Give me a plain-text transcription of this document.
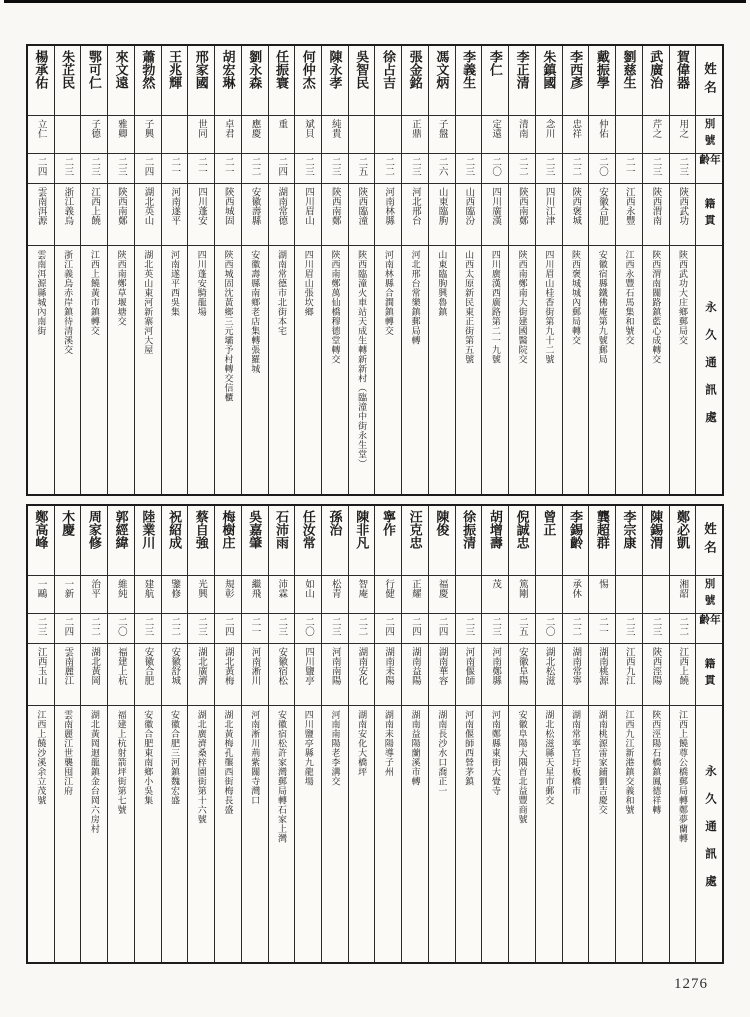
姓名
別號
年齡
籍貫
永久通訊處
賀偉器
用之
二三
陝西武功
陝西武功大庄鄉郵局交
武廣治
芹之
二三
陝西渭南
陝西渭南關路鎮藍心成轉交
劉慈生
二一
江西永豐
江西永豐石馬集和號交
戴振學
仲佑
二〇
安徽合肥
安徽宿縣鐵佛庵第九號郵局
李西彥
忠祥
二二
陝西褒城
陝西褒城城內郵局轉交
朱鎮國
念川
二三
四川江津
四川眉山桂香街第九十二號
李正清
清南
二二
陝西南鄭
陝西南鄭南大街建國醫院交
李仁
定遠
二〇
四川廣漢
四川廣漢西廣路第二一九號
李義生
二三
山西臨汾
山西太原新民東正街第五號
馮文炳
子盤
二六
山東臨朐
山東臨朐興魯鎮
張金銘
正鼎
二三
河北邢台
河北邢台常樂鎮郵局轉
徐占吉
二二
河南林縣
河南林縣合澗鎮轉交
吳智民
二五
陝西臨潼
陝西臨潼火車站天成生轉新新村（臨潼中街永生堂）
陳永孝
純貴
二三
陝西南鄭
陝西南鄭萬仙橋穆德堂轉交
何仲杰
斌貝
二三
四川眉山
四川眉山張坎鄉
任振寰
重
二四
湖南常德
湖南常德市北街本宅
劉永森
應慶
二二
安徽壽縣
安徽壽縣南鄉老店集轉張羅城
胡宏琳
卓君
二一
陝西城固
陝西城固沈黃鄉三元壩予村轉交信櫃
邢家國
世同
二一
四川蓬安
四川蓬安騎龍場
王兆輝
二一
河南遂平
河南遂平西吳集
蕭勃然
子興
二四
湖北英山
湖北英山東河新寨河大屋
來文遠
雅卿
二三
陝西南鄭
陝西南鄭草堰塘交
鄂可仁
子德
二三
江西上饒
江西上饒黃市鎮轉交
朱芷民
二三
浙江義烏
浙江義烏赤岸鎮待清溪交
楊承佑
立仁
二四
雲南洱源
雲南洱源縣城內南街
姓名
別號
年齡
籍貫
永久通訊處
鄭必凱
湘韶
二二
江西上饒
江西上饒尊公橋郵局轉鄭夢蘭轉
陳錫渭
二三
陝西涇陽
陝西涇陽石橋鎮鳳德祥轉
李宗康
二三
江西九江
江西九江新港鎮交義和號
龔超群
惕
二一
湖南桃源
湖南桃源雷家鋪劉吉慶交
李錫齡
承休
二二
湖南常寧
湖南常寧官圩板橋市
曾正
二〇
湖北松滋
湖北松滋縣天星市郵交
倪誠忠
篤剛
二五
安徽阜陽
安徽阜陽大隅首北益豐商號
胡增壽
茂
二三
河南鄭縣
河南鄭縣東街大覺寺
徐振清
二三
河南偃師
河南偃師西營茅鎮
陳俊
福慶
二四
湖南華容
湖南長沙水口喬正一
汪克忠
正耀
二四
湖南益陽
湖南益陽蘭溪市轉
寧作
行健
二四
湖南耒陽
湖南耒陽導子州
陳非凡
智庵
二二
湖南安化
湖南安化大橋坪
孫治
松青
二三
河南南陽
河南南陽老李溝交
任汝常
如山
二〇
四川鹽亭
四川鹽亭縣九龍場
石沛雨
沛霖
二三
安徽宿松
安徽宿松許家灣郵局轉石家上灣
吳嘉肇
繼飛
二一
河南淅川
河南淅川荊紫關寺灣口
梅樹庄
規彰
二四
湖北黃梅
湖北黃梅孔壟西街梅長盛
蔡自強
光興
二三
湖北廣濟
湖北廣濟桑梓園街第十六號
祝紹成
鑒修
二二
安徽舒城
安徽合肥三河鎮魏宏盛
陸業川
建航
二三
安徽合肥
安徽合肥東南鄉小吳集
郭經緯
維純
二〇
福建上杭
福建上杭射箭坪街第七號
周家修
治平
二二
湖北黃岡
湖北黃岡迴龍鎮金台岡六房村
木慶
一新
二四
雲南麗江
雲南麗江世襲囤江府
鄭高峰
一鷗
二三
江西玉山
江西上饒沙溪余立茂號
1276
